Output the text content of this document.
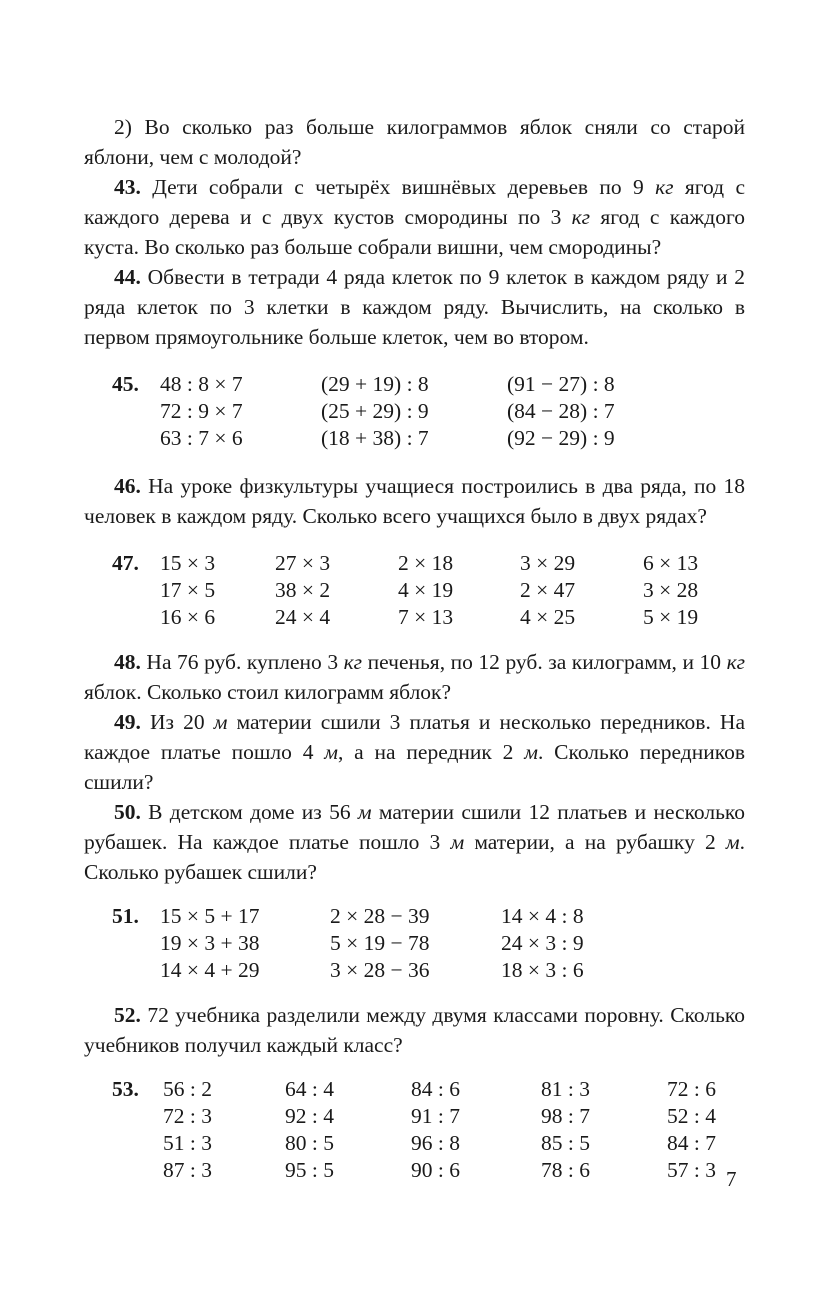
2) Во сколько раз больше килограммов яблок сняли со старой яблони, чем с молодой?

43. Дети собрали с четырёх вишнёвых деревьев по 9 кг ягод с каждого дерева и с двух кустов смородины по 3 кг ягод с каждого куста. Во сколько раз больше собрали вишни, чем смородины?

44. Обвести в тетради 4 ряда клеток по 9 клеток в каждом ряду и 2 ряда клеток по 3 клетки в каждом ряду. Вычислить, на сколько в первом прямоугольнике больше клеток, чем во втором.

45. 48 : 8 × 7
72 : 9 × 7
63 : 7 × 6
(29 + 19) : 8
(25 + 29) : 9
(18 + 38) : 7
(91 − 27) : 8
(84 − 28) : 7
(92 − 29) : 9

46. На уроке физкультуры учащиеся построились в два ряда, по 18 человек в каждом ряду. Сколько всего учащихся было в двух рядах?

47. 15 × 3
17 × 5
16 × 6
27 × 3
38 × 2
24 × 4
2 × 18
4 × 19
7 × 13
3 × 29
2 × 47
4 × 25
6 × 13
3 × 28
5 × 19

48. На 76 руб. куплено 3 кг печенья, по 12 руб. за килограмм, и 10 кг яблок. Сколько стоил килограмм яблок?

49. Из 20 м материи сшили 3 платья и несколько передников. На каждое платье пошло 4 м, а на передник 2 м. Сколько передников сшили?

50. В детском доме из 56 м материи сшили 12 платьев и несколько рубашек. На каждое платье пошло 3 м материи, а на рубашку 2 м. Сколько рубашек сшили?

51. 15 × 5 + 17
19 × 3 + 38
14 × 4 + 29
2 × 28 − 39
5 × 19 − 78
3 × 28 − 36
14 × 4 : 8
24 × 3 : 9
18 × 3 : 6

52. 72 учебника разделили между двумя классами поровну. Сколько учебников получил каждый класс?

53. 56 : 2
72 : 3
51 : 3
87 : 3
64 : 4
92 : 4
80 : 5
95 : 5
84 : 6
91 : 7
96 : 8
90 : 6
81 : 3
98 : 7
85 : 5
78 : 6
72 : 6
52 : 4
84 : 7
57 : 3 7
